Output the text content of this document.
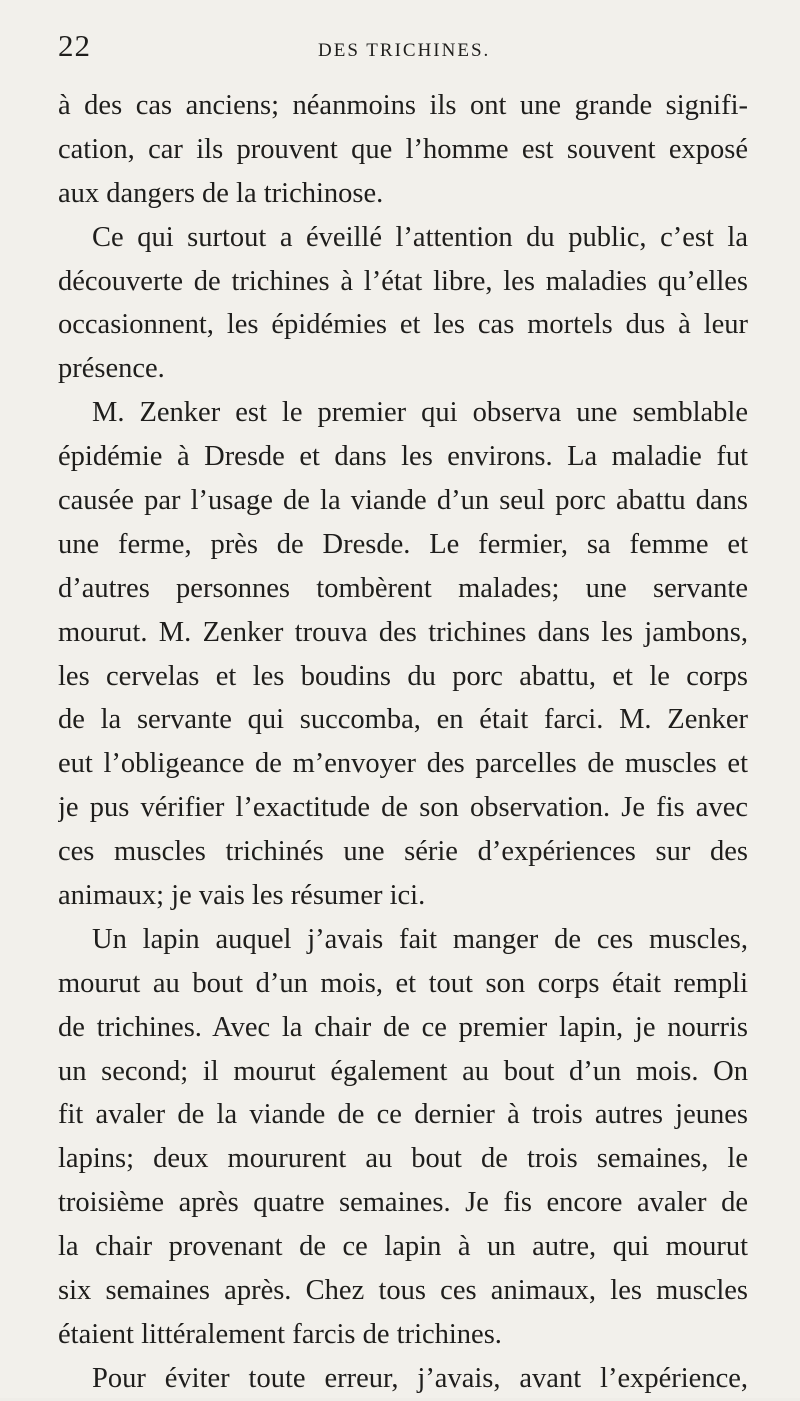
22	DES TRICHINES.
à des cas anciens; néanmoins ils ont une grande signifi-
cation, car ils prouvent que l’homme est souvent exposé
aux dangers de la trichinose.
Ce qui surtout a éveillé l’attention du public, c’est la
découverte de trichines à l’état libre, les maladies qu’elles
occasionnent, les épidémies et les cas mortels dus à leur
présence.
M. Zenker est le premier qui observa une semblable
épidémie à Dresde et dans les environs. La maladie fut
causée par l’usage de la viande d’un seul porc abattu dans
une ferme, près de Dresde. Le fermier, sa femme et
d’autres personnes tombèrent malades; une servante
mourut. M. Zenker trouva des trichines dans les jambons,
les cervelas et les boudins du porc abattu, et le corps
de la servante qui succomba, en était farci. M. Zenker
eut l’obligeance de m’envoyer des parcelles de muscles et
je pus vérifier l’exactitude de son observation. Je fis avec
ces muscles trichinés une série d’expériences sur des
animaux; je vais les résumer ici.
Un lapin auquel j’avais fait manger de ces muscles,
mourut au bout d’un mois, et tout son corps était rempli
de trichines. Avec la chair de ce premier lapin, je nourris
un second; il mourut également au bout d’un mois. On
fit avaler de la viande de ce dernier à trois autres jeunes
lapins; deux moururent au bout de trois semaines, le
troisième après quatre semaines. Je fis encore avaler de
la chair provenant de ce lapin à un autre, qui mourut
six semaines après. Chez tous ces animaux, les muscles
étaient littéralement farcis de trichines.
Pour éviter toute erreur, j’avais, avant l’expérience,
